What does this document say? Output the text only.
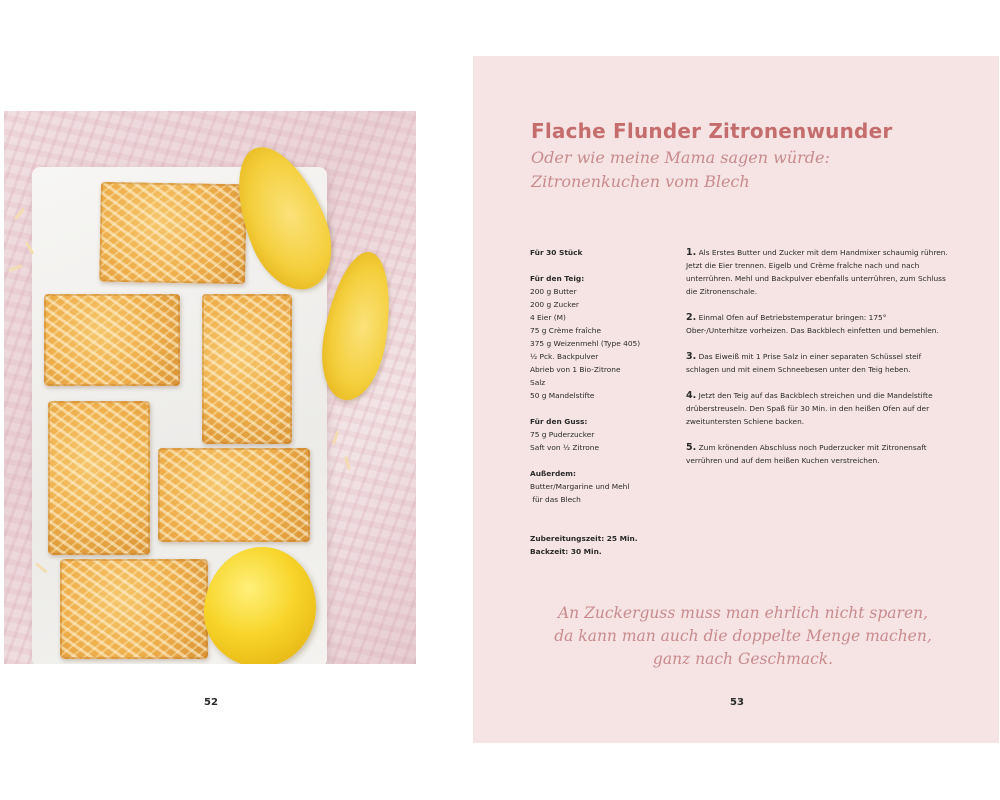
52
Flache Flunder Zitronenwunder
Oder wie meine Mama sagen würde:
Zitronenkuchen vom Blech
Für 30 Stück
Für den Teig:
200 g Butter
200 g Zucker
4 Eier (M)
75 g Crème fraîche
375 g Weizenmehl (Type 405)
½ Pck. Backpulver
Abrieb von 1 Bio-Zitrone
Salz
50 g Mandelstifte
Für den Guss:
75 g Puderzucker
Saft von ½ Zitrone
Außerdem:
Butter/Margarine und Mehl
für das Blech
Zubereitungszeit: 25 Min.
Backzeit: 30 Min.
1. Als Erstes Butter und Zucker mit dem Handmixer schaumig rühren. Jetzt die Eier trennen. Eigelb und Crème fraîche nach und nach unterrühren. Mehl und Backpulver ebenfalls unterrühren, zum Schluss die Zitronenschale.
2. Einmal Ofen auf Betriebstemperatur bringen: 175° Ober-/Unterhitze vorheizen. Das Backblech einfetten und bemehlen.
3. Das Eiweiß mit 1 Prise Salz in einer separaten Schüssel steif schlagen und mit einem Schneebesen unter den Teig heben.
4. Jetzt den Teig auf das Backblech streichen und die Mandelstifte drüberstreuseln. Den Spaß für 30 Min. in den heißen Ofen auf der zweituntersten Schiene backen.
5. Zum krönenden Abschluss noch Puderzucker mit Zitronensaft verrühren und auf dem heißen Kuchen verstreichen.
An Zuckerguss muss man ehrlich nicht sparen,
da kann man auch die doppelte Menge machen,
ganz nach Geschmack.
53
